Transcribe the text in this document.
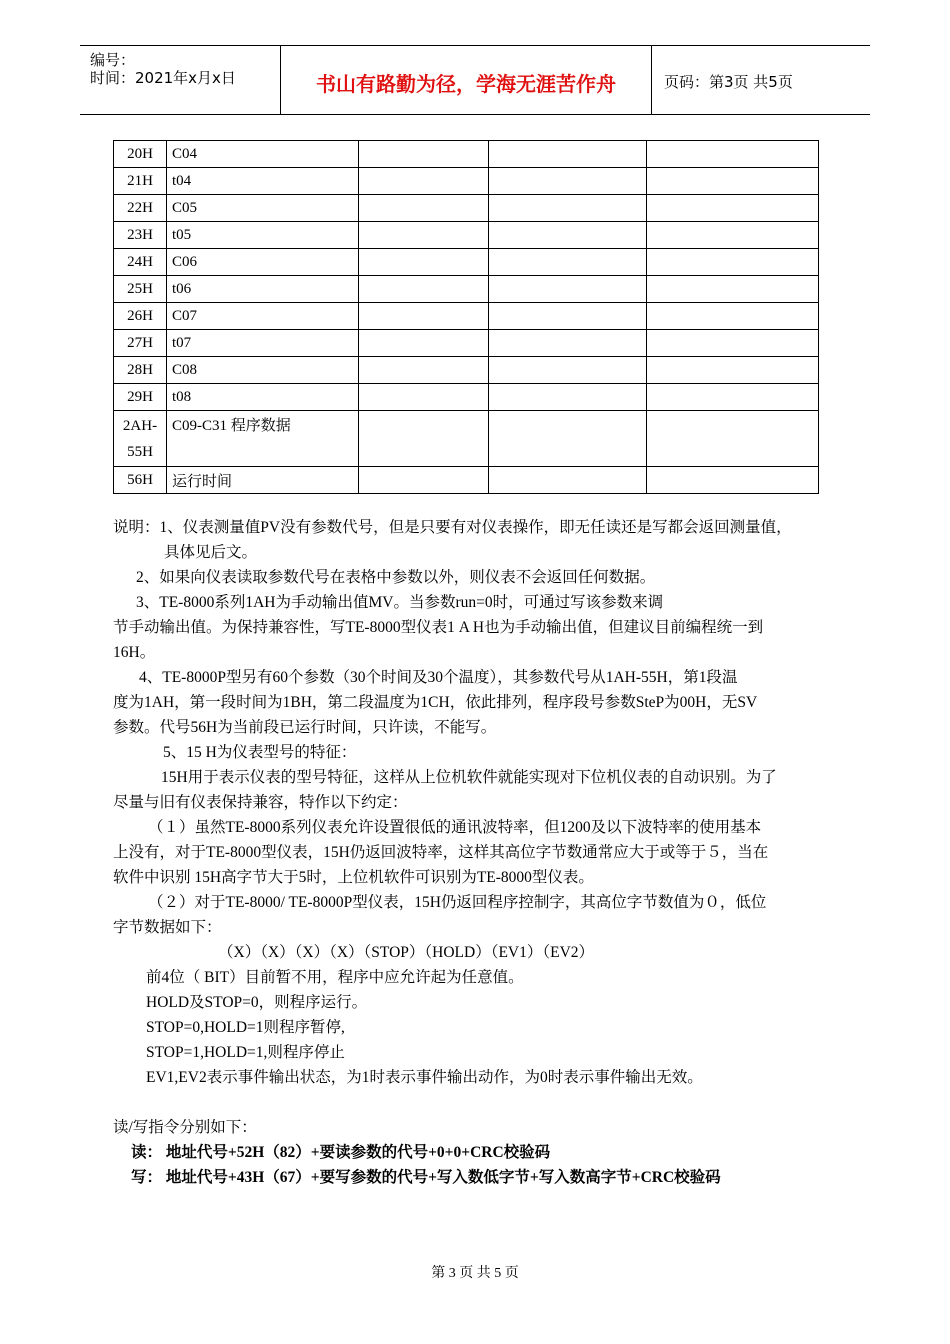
编号：
时间：2021年x月x日	书山有路勤为径，学海无涯苦作舟	页码：第3页 共5页
20H	C04			
21H	t04			
22H	C05			
23H	t05			
24H	C06			
25H	t06			
26H	C07			
27H	t07			
28H	C08			
29H	t08			
2AH-
55H	C09-C31 程序数据			
56H	运行时间			

说明：1、仪表测量值PV没有参数代号，但是只要有对仪表操作，即无任读还是写都会返回测量值，

具体见后文。

2、如果向仪表读取参数代号在表格中参数以外，则仪表不会返回任何数据。

3、TE-8000系列1AH为手动输出值MV。当参数run=0时，可通过写该参数来调

节手动输出值。为保持兼容性，写TE-8000型仪表1 A H也为手动输出值，但建议目前编程统一到

16H。

4、TE-8000P型另有60个参数（30个时间及30个温度），其参数代号从1AH-55H，第1段温

度为1AH，第一段时间为1BH，第二段温度为1CH，依此排列，程序段号参数StеP为00H，无SV

参数。代号56H为当前段已运行时间，只许读，不能写。

5、15 H为仪表型号的特征：

15H用于表示仪表的型号特征，这样从上位机软件就能实现对下位机仪表的自动识别。为了

尽量与旧有仪表保持兼容，特作以下约定：

（１）虽然TE-8000系列仪表允许设置很低的通讯波特率，但1200及以下波特率的使用基本

上没有，对于TE-8000型仪表，15H仍返回波特率，这样其高位字节数通常应大于或等于５，当在

软件中识别 15H高字节大于5时，上位机软件可识别为TE-8000型仪表。

（２）对于TE-8000/ TE-8000P型仪表，15H仍返回程序控制字，其高位字节数值为０，低位

字节数据如下：

（X）（X）（X）（X）（STOP）（HOLD）（EV1）（EV2）

前4位（ BIT）目前暂不用，程序中应允许起为任意值。

HOLD及STOP=0，则程序运行。

STOP=0,HOLD=1则程序暂停,

STOP=1,HOLD=1,则程序停止

EV1,EV2表示事件输出状态，为1时表示事件输出动作，为0时表示事件输出无效。

读/写指令分别如下：

读： 地址代号+52H（82）+要读参数的代号+0+0+CRC校验码

写： 地址代号+43H（67）+要写参数的代号+写入数低字节+写入数高字节+CRC校验码

第 3 页 共 5 页
